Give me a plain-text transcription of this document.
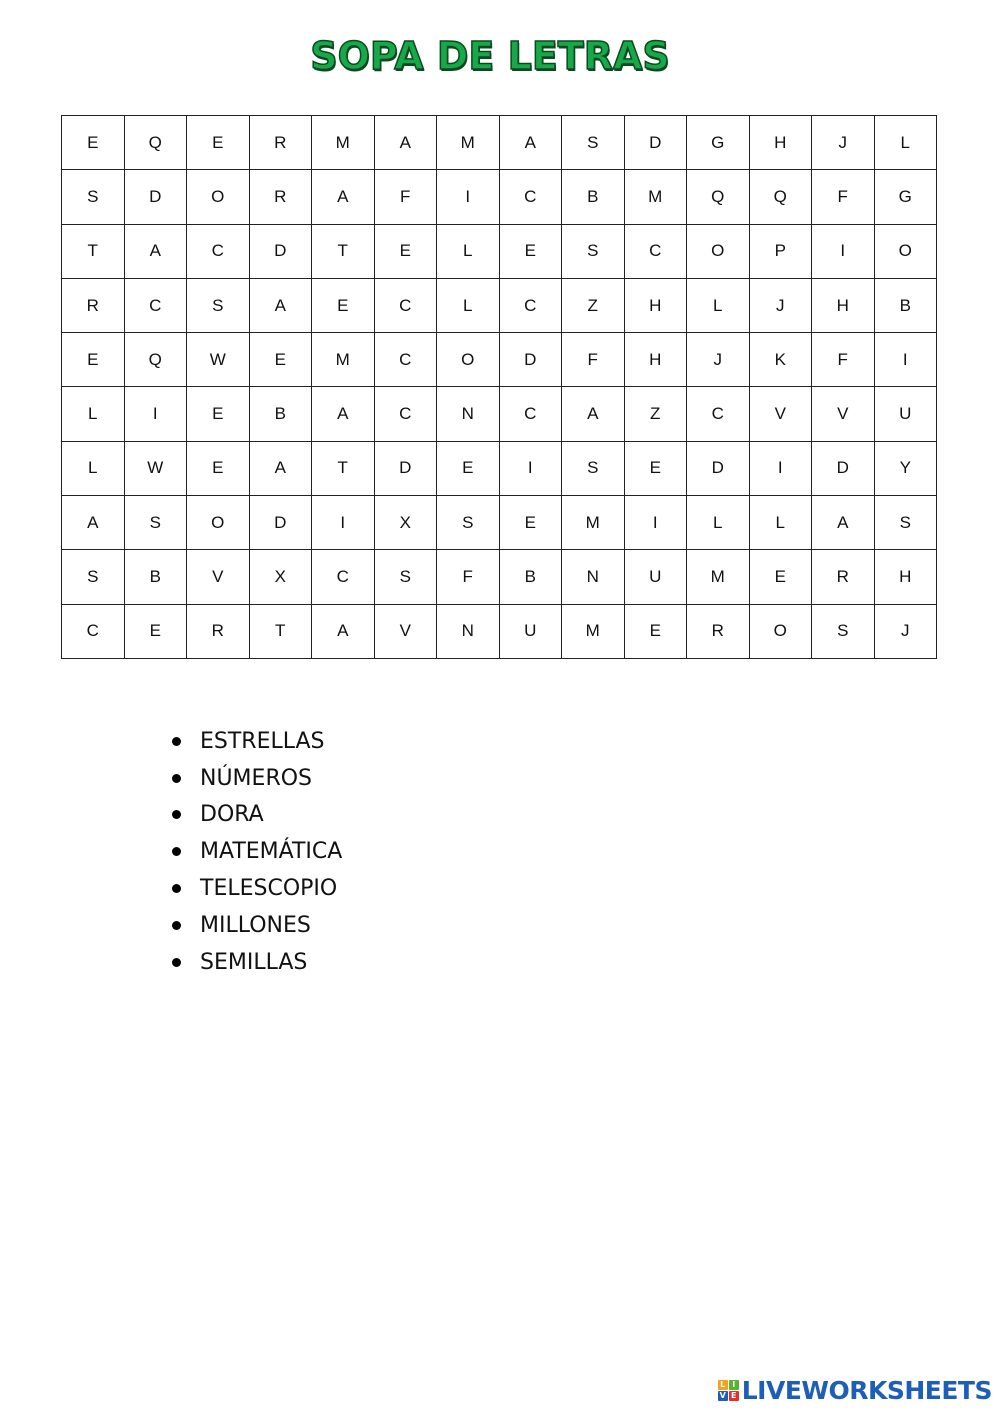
SOPA DE LETRAS
E	Q	E	R	M	A	M	A	S	D	G	H	J	L
S	D	O	R	A	F	I	C	B	M	Q	Q	F	G
T	A	C	D	T	E	L	E	S	C	O	P	I	O
R	C	S	A	E	C	L	C	Z	H	L	J	H	B
E	Q	W	E	M	C	O	D	F	H	J	K	F	I
L	I	E	B	A	C	N	C	A	Z	C	V	V	U
L	W	E	A	T	D	E	I	S	E	D	I	D	Y
A	S	O	D	I	X	S	E	M	I	L	L	A	S
S	B	V	X	C	S	F	B	N	U	M	E	R	H
C	E	R	T	A	V	N	U	M	E	R	O	S	J
ESTRELLAS
NÚMEROS
DORA
MATEMÁTICA
TELESCOPIO
MILLONES
SEMILLAS
L I
V E LIVEWORKSHEETS
